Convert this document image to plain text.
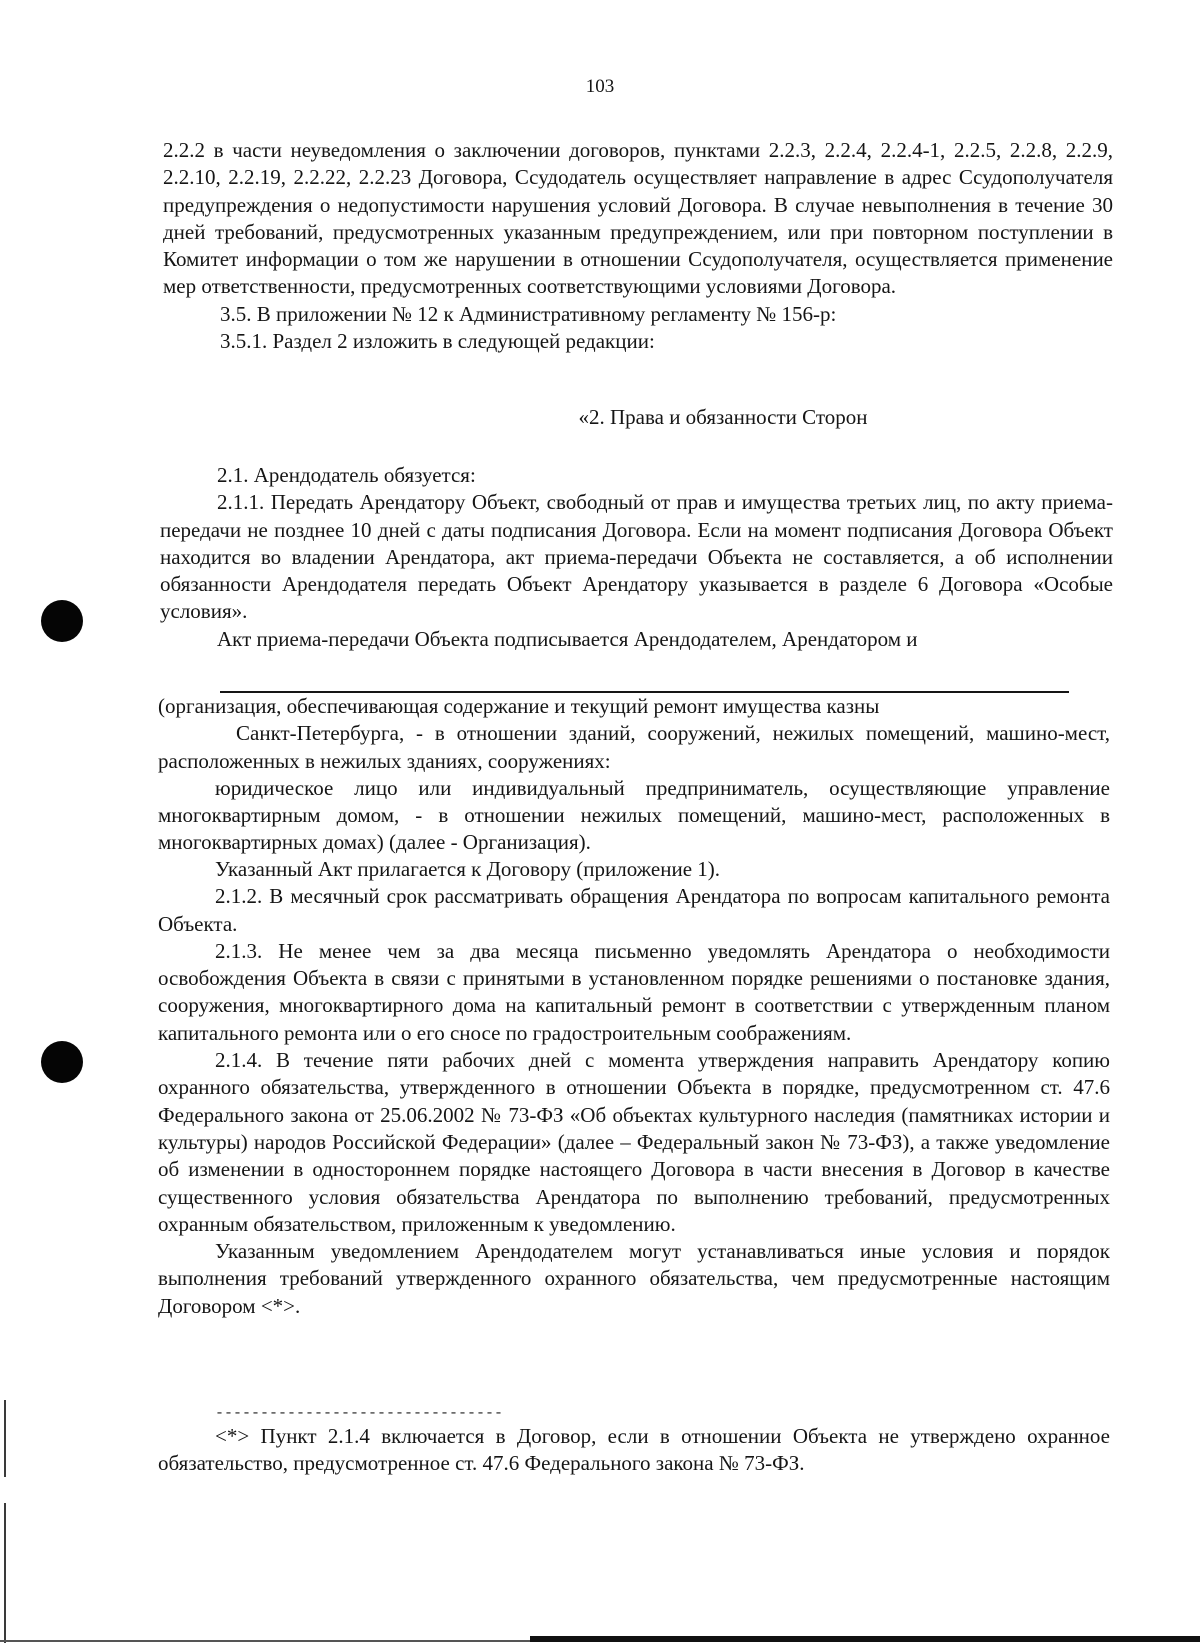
103

2.2.2 в части неуведомления о заключении договоров, пунктами 2.2.3, 2.2.4, 2.2.4-1, 2.2.5, 2.2.8, 2.2.9, 2.2.10, 2.2.19, 2.2.22, 2.2.23 Договора, Ссудодатель осуществляет направление в адрес Ссудополучателя предупреждения о недопустимости нарушения условий Договора. В случае невыполнения в течение 30 дней требований, предусмотренных указанным предупреждением, или при повторном поступлении в Комитет информации о том же нарушении в отношении Ссудополучателя, осуществляется применение мер ответственности, предусмотренных соответствующими условиями Договора.

3.5. В приложении № 12 к Административному регламенту № 156-р:

3.5.1. Раздел 2 изложить в следующей редакции:

«2. Права и обязанности Сторон

2.1. Арендодатель обязуется:

2.1.1. Передать Арендатору Объект, свободный от прав и имущества третьих лиц, по акту приема-передачи не позднее 10 дней с даты подписания Договора. Если на момент подписания Договора Объект находится во владении Арендатора, акт приема-передачи Объекта не составляется, а об исполнении обязанности Арендодателя передать Объект Арендатору указывается в разделе 6 Договора «Особые условия».

Акт приема-передачи Объекта подписывается Арендодателем, Арендатором и

(организация, обеспечивающая содержание и текущий ремонт имущества казны

Санкт-Петербурга, - в отношении зданий, сооружений, нежилых помещений, машино-мест, расположенных в нежилых зданиях, сооружениях:

юридическое лицо или индивидуальный предприниматель, осуществляющие управление многоквартирным домом, - в отношении нежилых помещений, машино-мест, расположенных в многоквартирных домах) (далее - Организация).

Указанный Акт прилагается к Договору (приложение 1).

2.1.2. В месячный срок рассматривать обращения Арендатора по вопросам капитального ремонта Объекта.

2.1.3. Не менее чем за два месяца письменно уведомлять Арендатора о необходимости освобождения Объекта в связи с принятыми в установленном порядке решениями о постановке здания, сооружения, многоквартирного дома на капитальный ремонт в соответствии с утвержденным планом капитального ремонта или о его сносе по градостроительным соображениям.

2.1.4. В течение пяти рабочих дней с момента утверждения направить Арендатору копию охранного обязательства, утвержденного в отношении Объекта в порядке, предусмотренном ст. 47.6 Федерального закона от 25.06.2002 № 73-ФЗ «Об объектах культурного наследия (памятниках истории и культуры) народов Российской Федерации» (далее – Федеральный закон № 73-ФЗ), а также уведомление об изменении в одностороннем порядке настоящего Договора в части внесения в Договор в качестве существенного условия обязательства Арендатора по выполнению требований, предусмотренных охранным обязательством, приложенным к уведомлению.

Указанным уведомлением Арендодателем могут устанавливаться иные условия и порядок выполнения требований утвержденного охранного обязательства, чем предусмотренные настоящим Договором <*>.

--------------------------------

<*> Пункт 2.1.4 включается в Договор, если в отношении Объекта не утверждено охранное обязательство, предусмотренное ст. 47.6 Федерального закона № 73-ФЗ.
